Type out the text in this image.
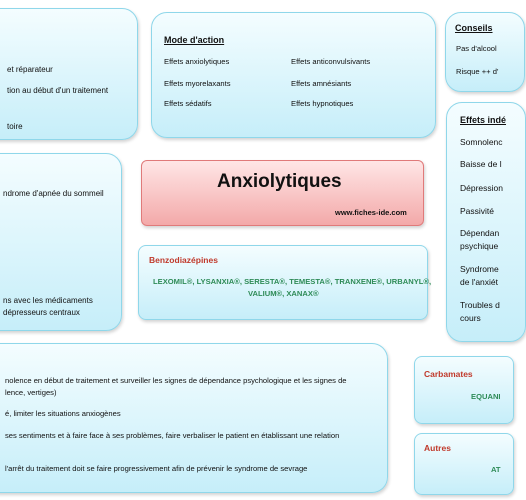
et réparateur
tion au début d'un traitement
toire
Mode d'action
Effets anxiolytiques
Effets myorelaxants
Effets sédatifs
Effets anticonvulsivants
Effets amnésiants
Effets hypnotiques
Conseils
Pas d'alcool
Risque ++ d'
ndrome d'apnée du sommeil
ns avec les médicaments
dépresseurs centraux
Anxiolytiques
www.fiches-ide.com
Benzodiazépines
LEXOMIL®, LYSANXIA®, SERESTA®, TEMESTA®, TRANXENE®, URBANYL®,
VALIUM®, XANAX®
Effets indé
Somnolenc
Baisse de l
Dépression
Passivité
Dépendan
psychique
Syndrome
de l'anxiét
Troubles d
cours
nolence en début de traitement et surveiller les signes de dépendance psychologique et les signes de
lence, vertiges)
é, limiter les situations anxiogènes
ses sentiments et à faire face à ses problèmes, faire verbaliser le patient en établissant une relation
l'arrêt du traitement doit se faire progressivement afin de prévenir le syndrome de sevrage
Carbamates
EQUANI
Autres
AT
